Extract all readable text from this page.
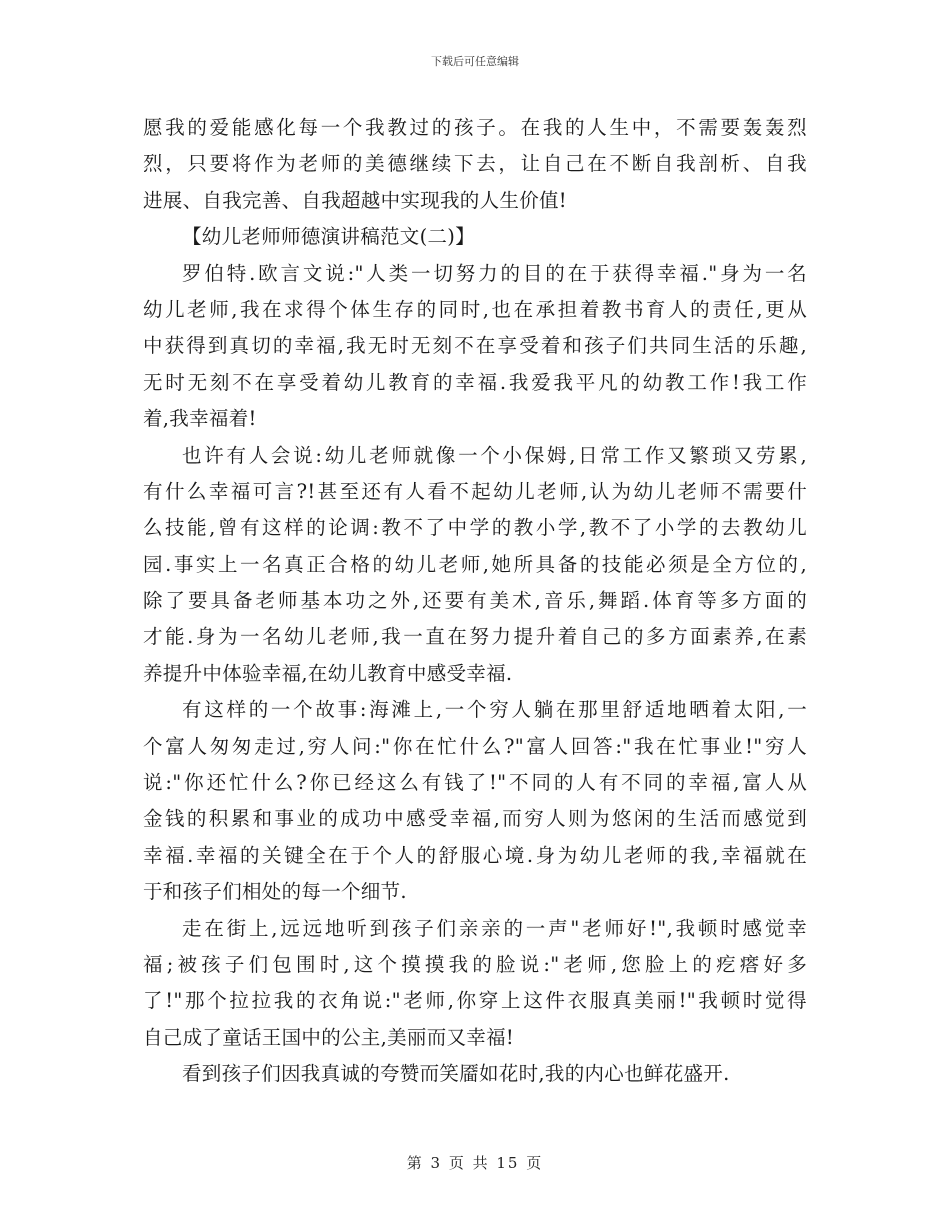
下载后可任意编辑
愿我的爱能感化每一个我教过的孩子。在我的人生中，不需要轰轰烈
烈，只要将作为老师的美德继续下去，让自己在不断自我剖析、自我
进展、自我完善、自我超越中实现我的人生价值!
【幼儿老师师德演讲稿范文(二)】
罗伯特.欧言文说:"人类一切努力的目的在于获得幸福."身为一名
幼儿老师,我在求得个体生存的同时,也在承担着教书育人的责任,更从
中获得到真切的幸福,我无时无刻不在享受着和孩子们共同生活的乐趣,
无时无刻不在享受着幼儿教育的幸福.我爱我平凡的幼教工作!我工作
着,我幸福着!
也许有人会说:幼儿老师就像一个小保姆,日常工作又繁琐又劳累,
有什么幸福可言?!甚至还有人看不起幼儿老师,认为幼儿老师不需要什
么技能,曾有这样的论调:教不了中学的教小学,教不了小学的去教幼儿
园.事实上一名真正合格的幼儿老师,她所具备的技能必须是全方位的,
除了要具备老师基本功之外,还要有美术,音乐,舞蹈.体育等多方面的
才能.身为一名幼儿老师,我一直在努力提升着自己的多方面素养,在素
养提升中体验幸福,在幼儿教育中感受幸福.
有这样的一个故事:海滩上,一个穷人躺在那里舒适地晒着太阳,一
个富人匆匆走过,穷人问:"你在忙什么?"富人回答:"我在忙事业!"穷人
说:"你还忙什么?你已经这么有钱了!"不同的人有不同的幸福,富人从
金钱的积累和事业的成功中感受幸福,而穷人则为悠闲的生活而感觉到
幸福.幸福的关键全在于个人的舒服心境.身为幼儿老师的我,幸福就在
于和孩子们相处的每一个细节.
走在街上,远远地听到孩子们亲亲的一声"老师好!",我顿时感觉幸
福;被孩子们包围时,这个摸摸我的脸说:"老师,您脸上的疙瘩好多
了!"那个拉拉我的衣角说:"老师,你穿上这件衣服真美丽!"我顿时觉得
自己成了童话王国中的公主,美丽而又幸福!
看到孩子们因我真诚的夸赞而笑靥如花时,我的内心也鲜花盛开.
第 3 页 共 15 页
